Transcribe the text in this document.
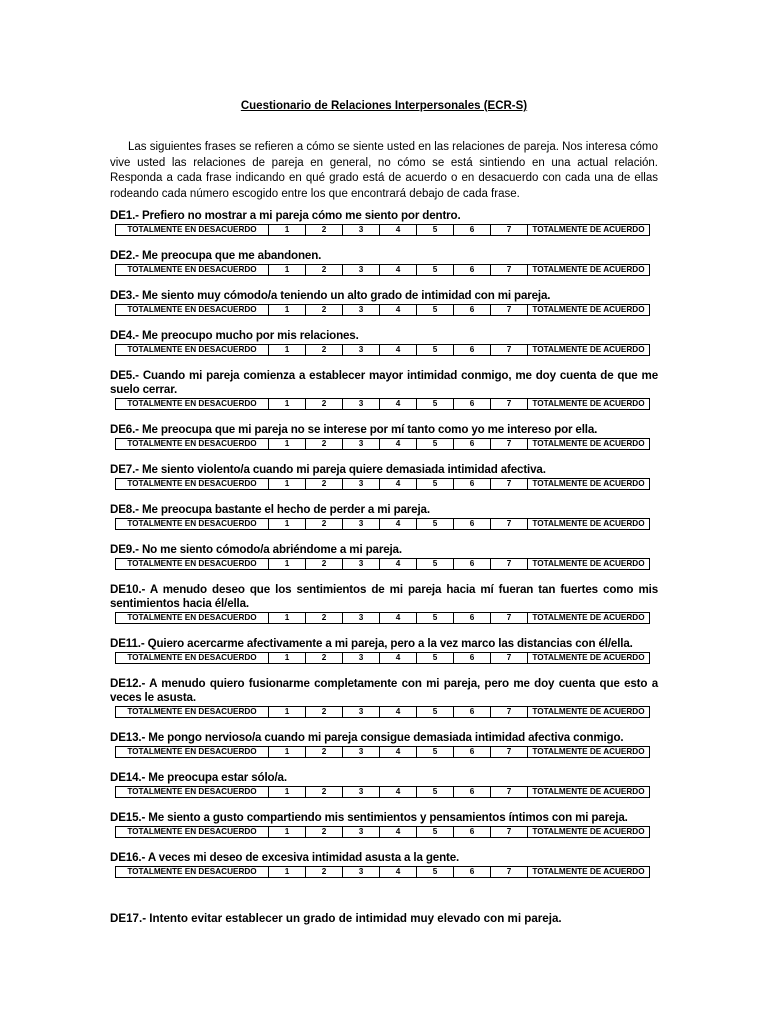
Cuestionario de Relaciones Interpersonales (ECR-S)
Las siguientes frases se refieren a cómo se siente usted en las relaciones de pareja. Nos interesa cómo vive usted las relaciones de pareja en general, no cómo se está sintiendo en una actual relación. Responda a cada frase indicando en qué grado está de acuerdo o en desacuerdo con cada una de ellas rodeando cada número escogido entre los que encontrará debajo de cada frase.
DE1.- Prefiero no mostrar a mi pareja cómo me siento por dentro.
TOTALMENTE EN DESACUERDO	1	2	3	4	5	6	7	TOTALMENTE DE ACUERDO
DE2.- Me preocupa que me abandonen.
TOTALMENTE EN DESACUERDO	1	2	3	4	5	6	7	TOTALMENTE DE ACUERDO
DE3.- Me siento muy cómodo/a teniendo un alto grado de intimidad con mi pareja.
TOTALMENTE EN DESACUERDO	1	2	3	4	5	6	7	TOTALMENTE DE ACUERDO
DE4.- Me preocupo mucho por mis relaciones.
TOTALMENTE EN DESACUERDO	1	2	3	4	5	6	7	TOTALMENTE DE ACUERDO
DE5.- Cuando mi pareja comienza a establecer mayor intimidad conmigo, me doy cuenta de que me suelo cerrar.
TOTALMENTE EN DESACUERDO	1	2	3	4	5	6	7	TOTALMENTE DE ACUERDO
DE6.- Me preocupa que mi pareja no se interese por mí tanto como yo me intereso por ella.
TOTALMENTE EN DESACUERDO	1	2	3	4	5	6	7	TOTALMENTE DE ACUERDO
DE7.- Me siento violento/a cuando mi pareja quiere demasiada intimidad afectiva.
TOTALMENTE EN DESACUERDO	1	2	3	4	5	6	7	TOTALMENTE DE ACUERDO
DE8.- Me preocupa bastante el hecho de perder a mi pareja.
TOTALMENTE EN DESACUERDO	1	2	3	4	5	6	7	TOTALMENTE DE ACUERDO
DE9.- No me siento cómodo/a abriéndome a mi pareja.
TOTALMENTE EN DESACUERDO	1	2	3	4	5	6	7	TOTALMENTE DE ACUERDO
DE10.- A menudo deseo que los sentimientos de mi pareja hacia mí fueran tan fuertes como mis sentimientos hacia él/ella.
TOTALMENTE EN DESACUERDO	1	2	3	4	5	6	7	TOTALMENTE DE ACUERDO
DE11.- Quiero acercarme afectivamente a mi pareja, pero a la vez marco las distancias con él/ella.
TOTALMENTE EN DESACUERDO	1	2	3	4	5	6	7	TOTALMENTE DE ACUERDO
DE12.- A menudo quiero fusionarme completamente con mi pareja, pero me doy cuenta que esto a veces le asusta.
TOTALMENTE EN DESACUERDO	1	2	3	4	5	6	7	TOTALMENTE DE ACUERDO
DE13.- Me pongo nervioso/a cuando mi pareja consigue demasiada intimidad afectiva conmigo.
TOTALMENTE EN DESACUERDO	1	2	3	4	5	6	7	TOTALMENTE DE ACUERDO
DE14.- Me preocupa estar sólo/a.
TOTALMENTE EN DESACUERDO	1	2	3	4	5	6	7	TOTALMENTE DE ACUERDO
DE15.- Me siento a gusto compartiendo mis sentimientos y pensamientos íntimos con mi pareja.
TOTALMENTE EN DESACUERDO	1	2	3	4	5	6	7	TOTALMENTE DE ACUERDO
DE16.- A veces mi deseo de excesiva intimidad asusta a la gente.
TOTALMENTE EN DESACUERDO	1	2	3	4	5	6	7	TOTALMENTE DE ACUERDO
DE17.- Intento evitar establecer un grado de intimidad muy elevado con mi pareja.
